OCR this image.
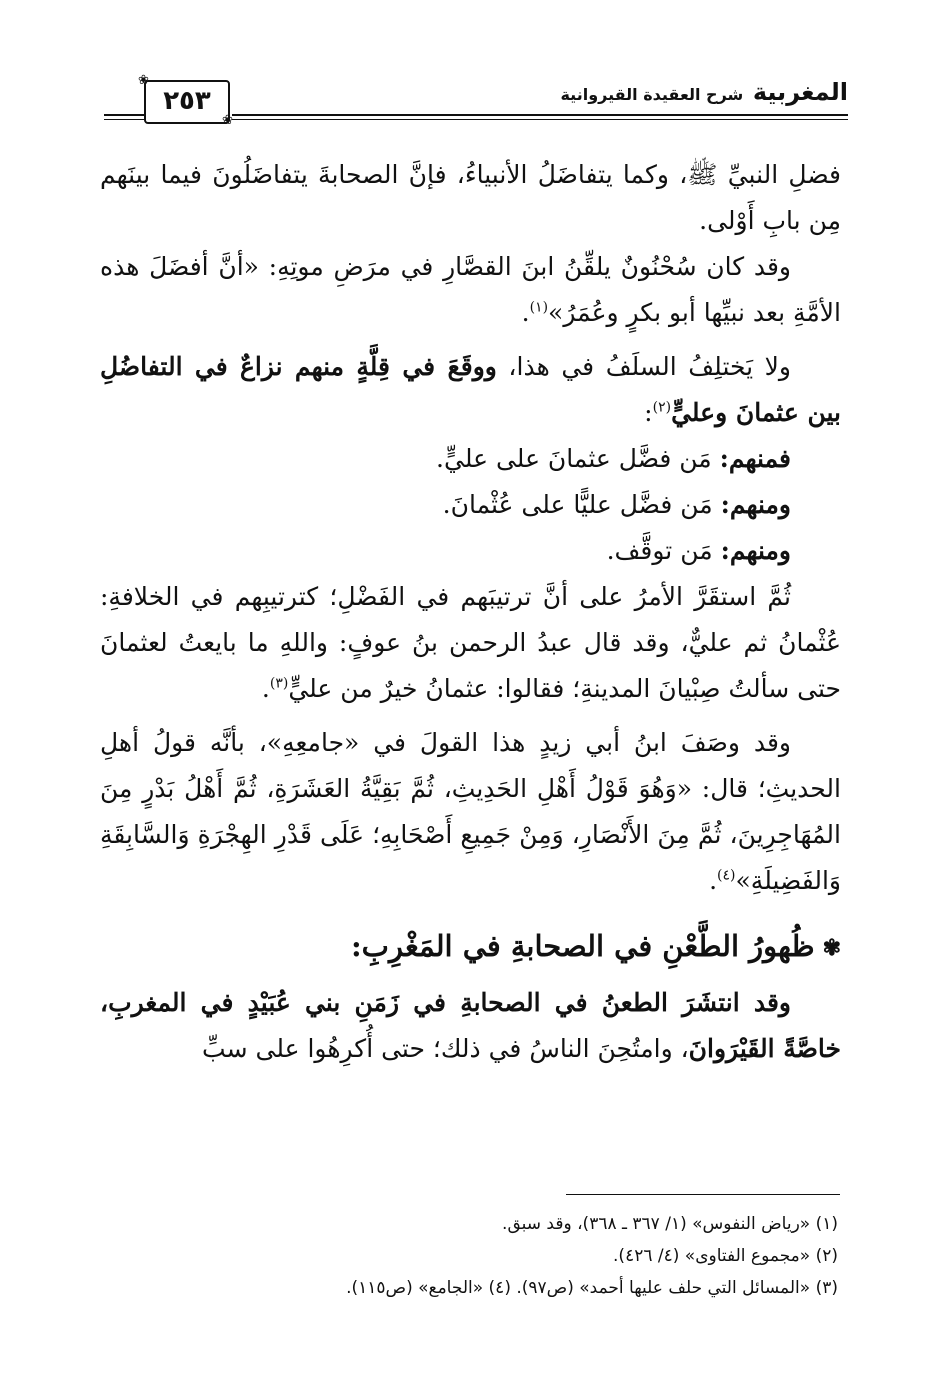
المغربية شرح العقيدة القيروانية
٢٥٣
❀
❀

فضلِ النبيِّ ﷺ، وكما يتفاضَلُ الأنبياءُ، فإنَّ الصحابةَ يتفاضَلُونَ فيما بينَهم مِن بابِ أَوْلى.

وقد كان سُحْنُونٌ يلقِّنُ ابنَ القصَّارِ في مرَضِ موتِهِ: «أنَّ أفضَلَ هذه الأمَّةِ بعد نبيِّها أبو بكرٍ وعُمَرُ»$^{(١)}$.

ولا يَختلِفُ السلَفُ في هذا، ووقَعَ في قِلَّةٍ منهم نزاعٌ في التفاضُلِ بين عثمانَ وعليٍّ$^{(٢)}$:

فمنهم: مَن فضَّل عثمانَ على عليٍّ.

ومنهم: مَن فضَّل عليًّا على عُثْمانَ.

ومنهم: مَن توقَّف.

ثُمَّ استقَرَّ الأمرُ على أنَّ ترتيبَهم في الفَضْلِ؛ كترتيبِهم في الخلافةِ: عُثْمانُ ثم عليٌّ، وقد قال عبدُ الرحمن بنُ عوفٍ: واللهِ ما بايعتُ لعثمانَ حتى سألتُ صِبْيانَ المدينةِ؛ فقالوا: عثمانُ خيرٌ من عليٍّ$^{(٣)}$.

وقد وصَفَ ابنُ أبي زيدٍ هذا القولَ في «جامعِهِ»، بأنَّه قولُ أهلِ الحديثِ؛ قال: «وَهُوَ قَوْلُ أَهْلِ الحَدِيثِ، ثُمَّ بَقِيَّةُ العَشَرَةِ، ثُمَّ أَهْلُ بَدْرٍ مِنَ المُهَاجِرِينَ، ثُمَّ مِنَ الأَنْصَارِ، وَمِنْ جَمِيعِ أَصْحَابِهِ؛ عَلَى قَدْرِ الهِجْرَةِ وَالسَّابِقَةِ وَالفَضِيلَةِ»$^{(٤)}$.

✾ظُهورُ الطَّعْنِ في الصحابةِ في المَغْرِبِ:

وقد انتشَرَ الطعنُ في الصحابةِ في زَمَنِ بني عُبَيْدٍ في المغربِ، خاصَّةً القَيْرَوانَ، وامتُحِنَ الناسُ في ذلك؛ حتى أُكرِهُوا على سبِّ

(١) «رياض النفوس» (١/ ٣٦٧ ـ ٣٦٨)، وقد سبق.

(٢) «مجموع الفتاوى» (٤/ ٤٢٦).

(٣) «المسائل التي حلف عليها أحمد» (ص٩٧). (٤) «الجامع» (ص١١٥).
